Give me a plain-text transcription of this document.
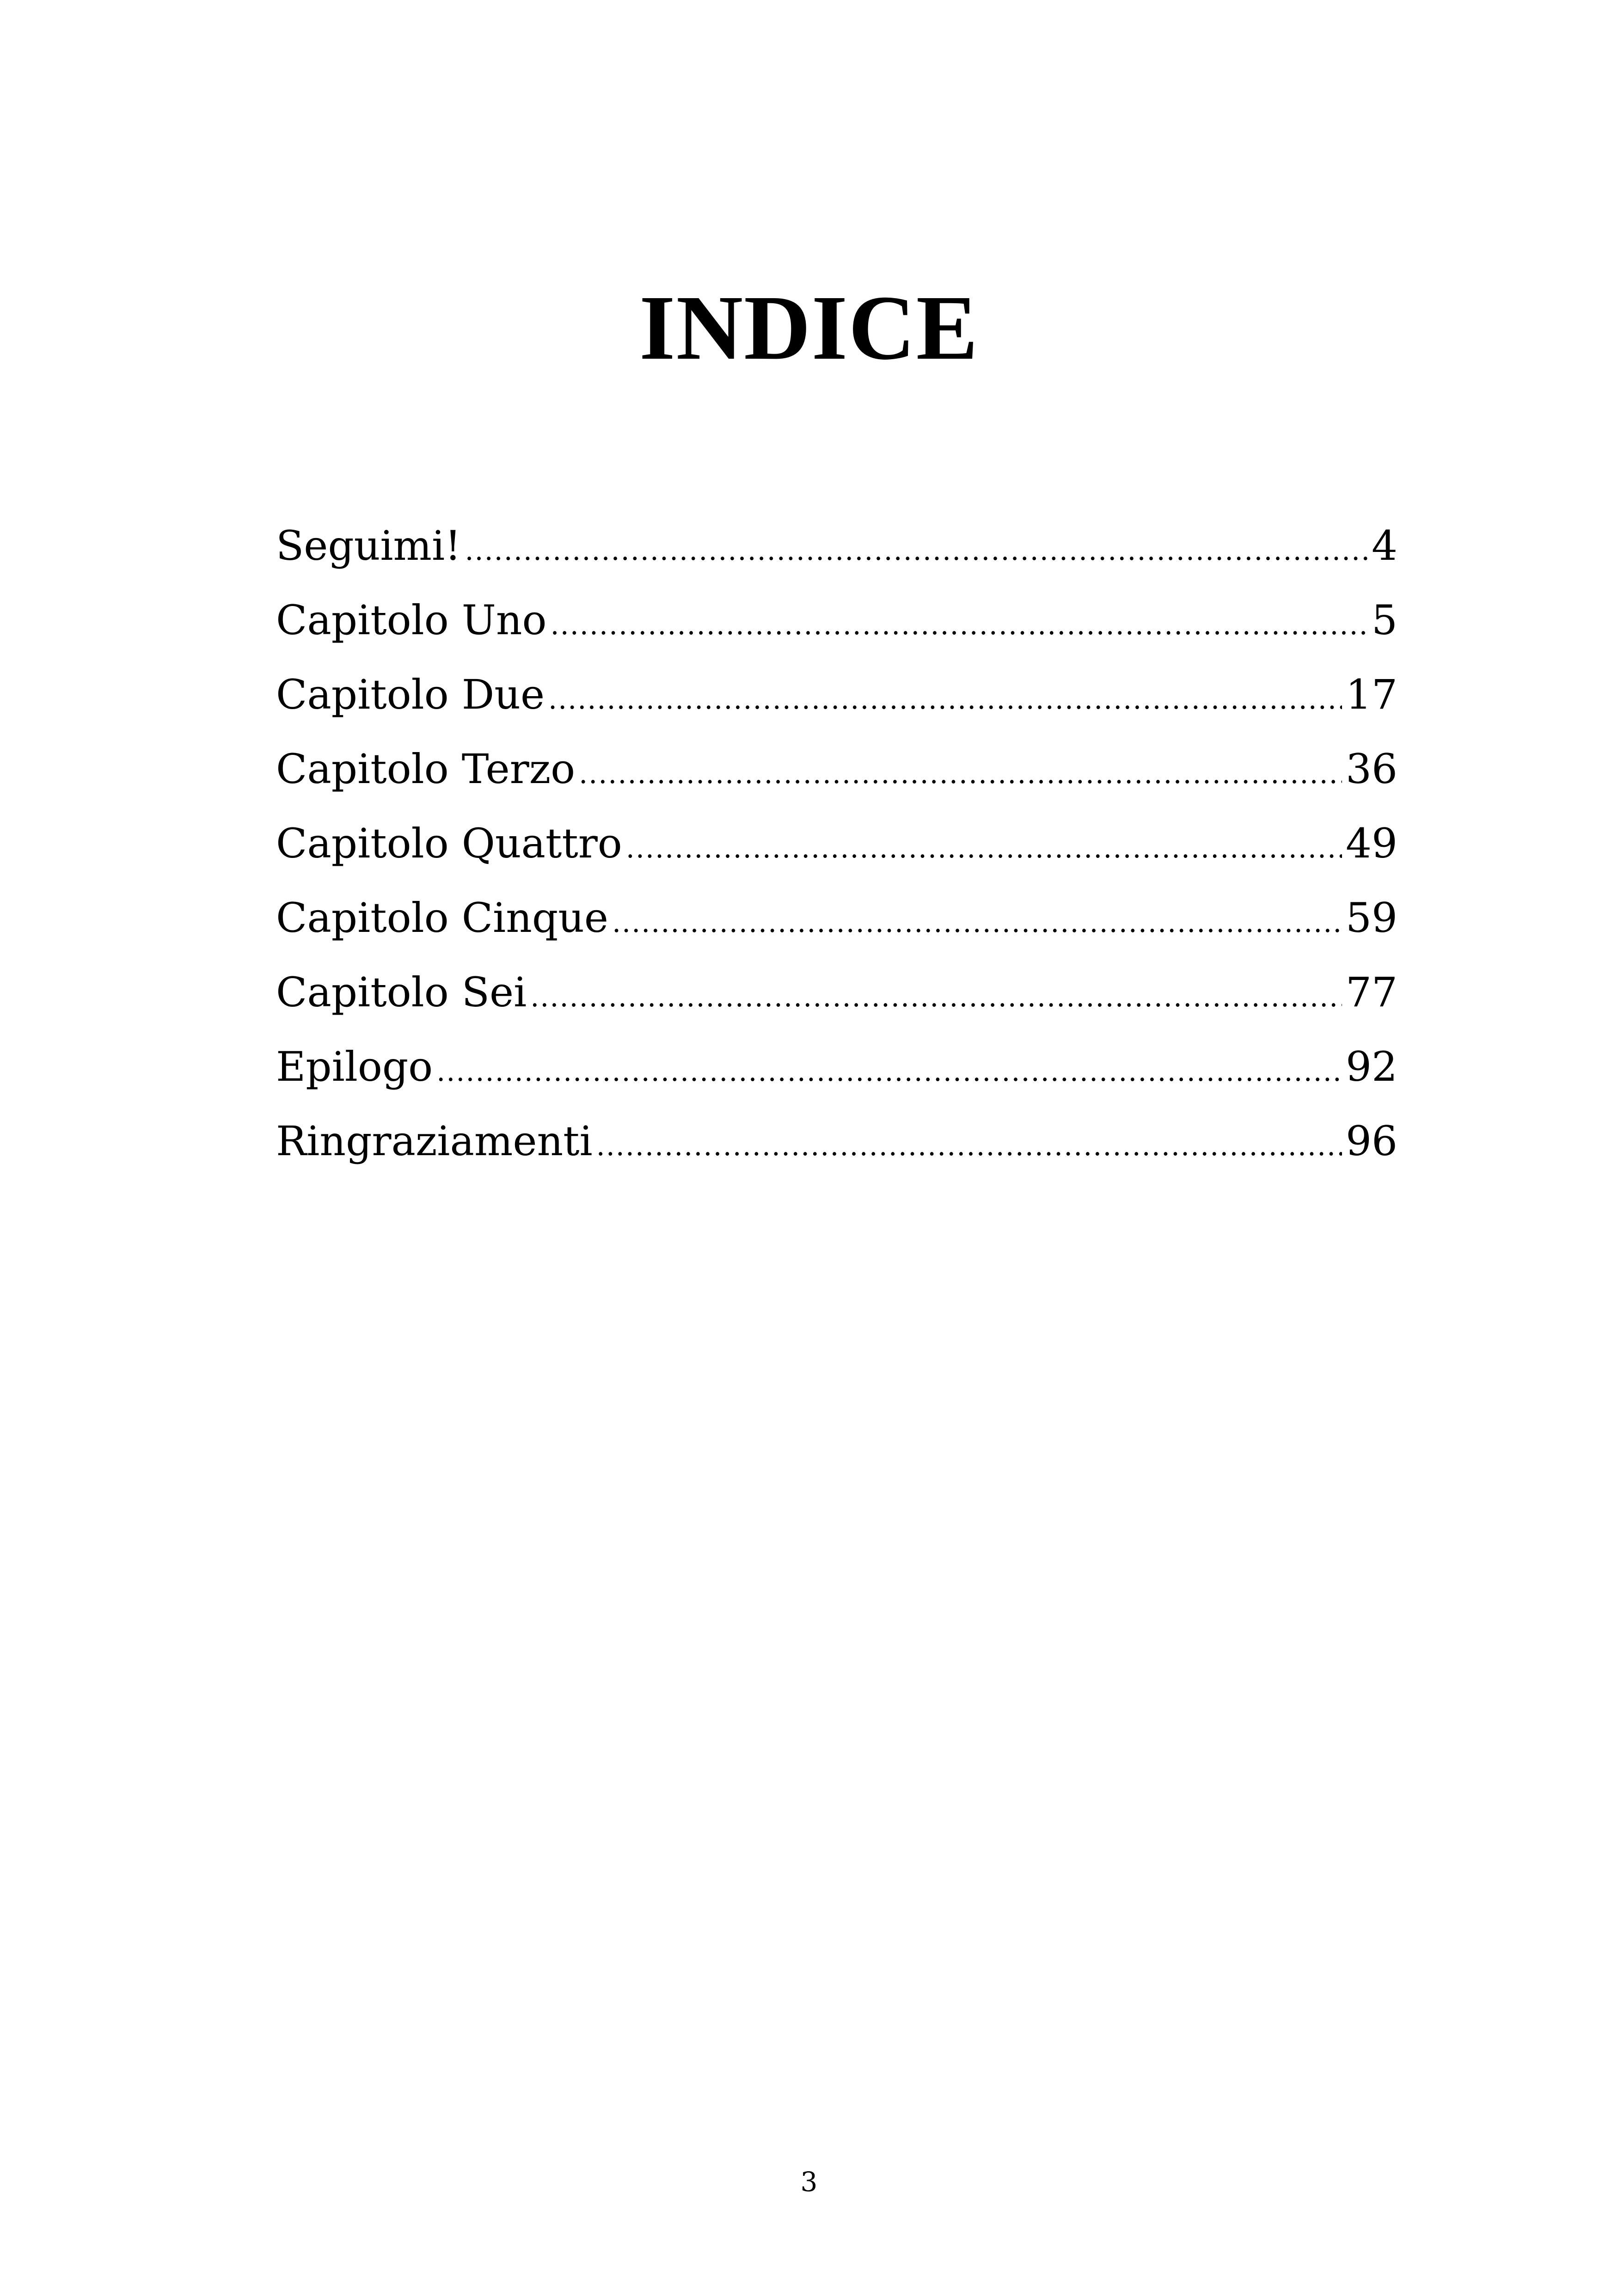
INDICE
Seguimi! .....	4
Capitolo Uno .....	5
Capitolo Due .....	17
Capitolo Terzo .....	36
Capitolo Quattro .....	49
Capitolo Cinque .....	59
Capitolo Sei .....	77
Epilogo .....	92
Ringraziamenti .....	96
3
